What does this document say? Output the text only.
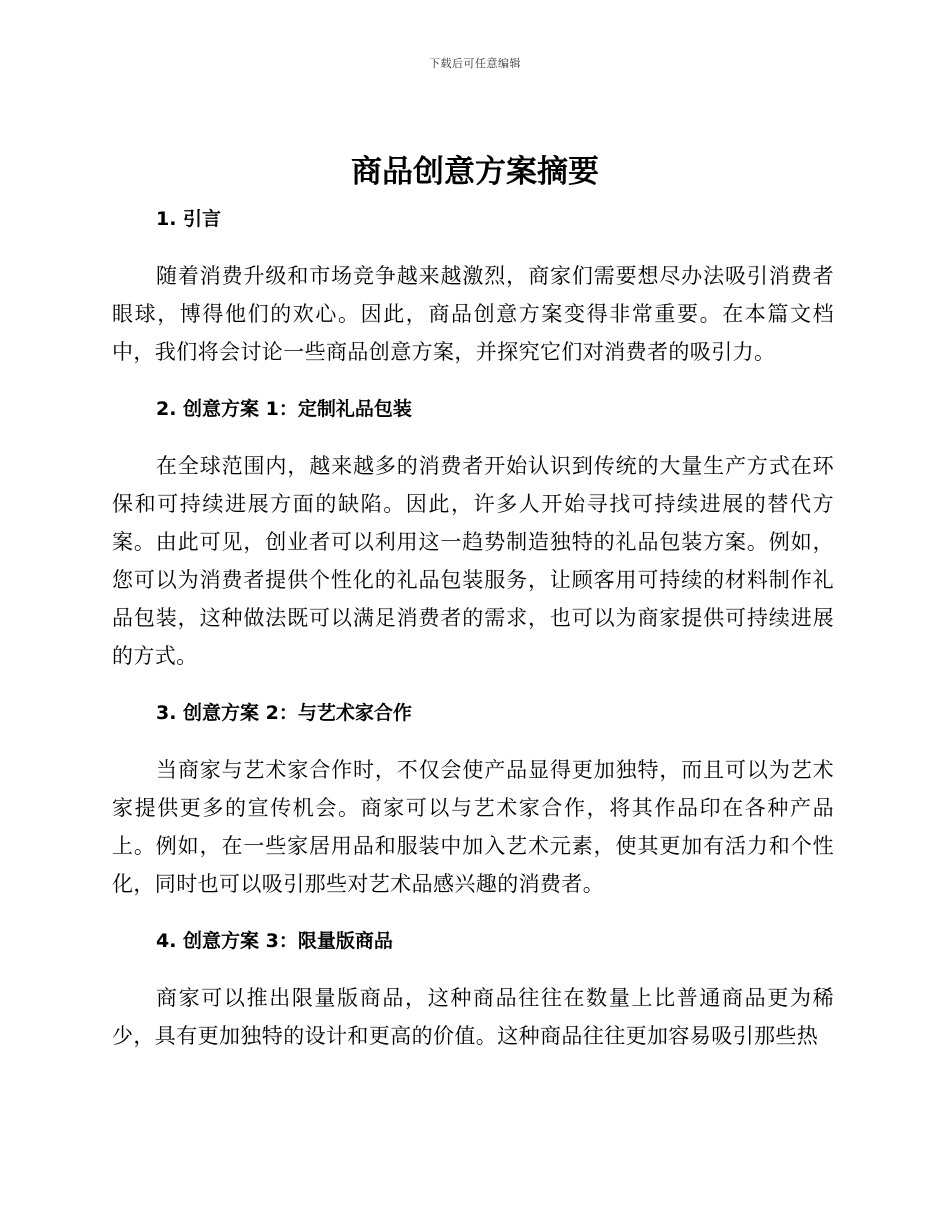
下载后可任意编辑
商品创意方案摘要
1. 引言

随着消费升级和市场竞争越来越激烈，商家们需要想尽办法吸引消费者眼球，博得他们的欢心。因此，商品创意方案变得非常重要。在本篇文档中，我们将会讨论一些商品创意方案，并探究它们对消费者的吸引力。

2. 创意方案 1：定制礼品包装

在全球范围内，越来越多的消费者开始认识到传统的大量生产方式在环保和可持续进展方面的缺陷。因此，许多人开始寻找可持续进展的替代方案。由此可见，创业者可以利用这一趋势制造独特的礼品包装方案。例如，您可以为消费者提供个性化的礼品包装服务，让顾客用可持续的材料制作礼品包装，这种做法既可以满足消费者的需求，也可以为商家提供可持续进展的方式。

3. 创意方案 2：与艺术家合作

当商家与艺术家合作时，不仅会使产品显得更加独特，而且可以为艺术家提供更多的宣传机会。商家可以与艺术家合作，将其作品印在各种产品上。例如，在一些家居用品和服装中加入艺术元素，使其更加有活力和个性化，同时也可以吸引那些对艺术品感兴趣的消费者。

4. 创意方案 3：限量版商品

商家可以推出限量版商品，这种商品往往在数量上比普通商品更为稀少，具有更加独特的设计和更高的价值。这种商品往往更加容易吸引那些热
